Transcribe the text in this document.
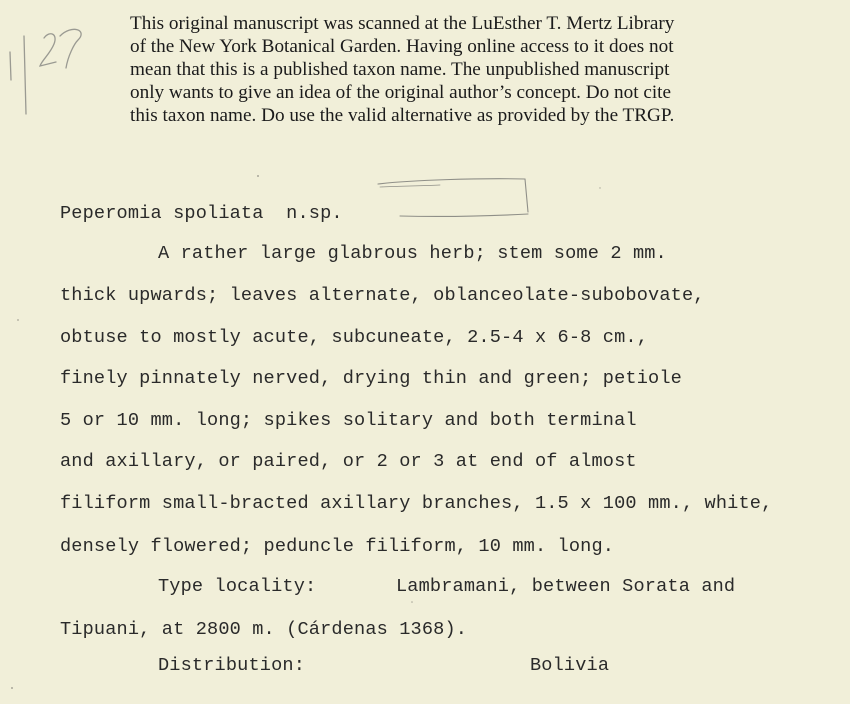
This original manuscript was scanned at the LuEsther T. Mertz Library
of the New York Botanical Garden. Having online access to it does not
mean that this is a published taxon name. The unpublished manuscript
only wants to give an idea of the original author’s concept. Do not cite
this taxon name. Do use the valid alternative as provided by the TRGP.
Peperomia spoliata n.sp.
A rather large glabrous herb; stem some 2 mm.
thick upwards; leaves alternate, oblanceolate-subobovate,
obtuse to mostly acute, subcuneate, 2.5-4 x 6-8 cm.,
finely pinnately nerved, drying thin and green; petiole
5 or 10 mm. long; spikes solitary and both terminal
and axillary, or paired, or 2 or 3 at end of almost
filiform small-bracted axillary branches, 1.5 x 100 mm., white,
densely flowered; peduncle filiform, 10 mm. long.
Type locality:	Lambramani, between Sorata and
Tipuani, at 2800 m. (Cárdenas 1368).
Distribution:	Bolivia
